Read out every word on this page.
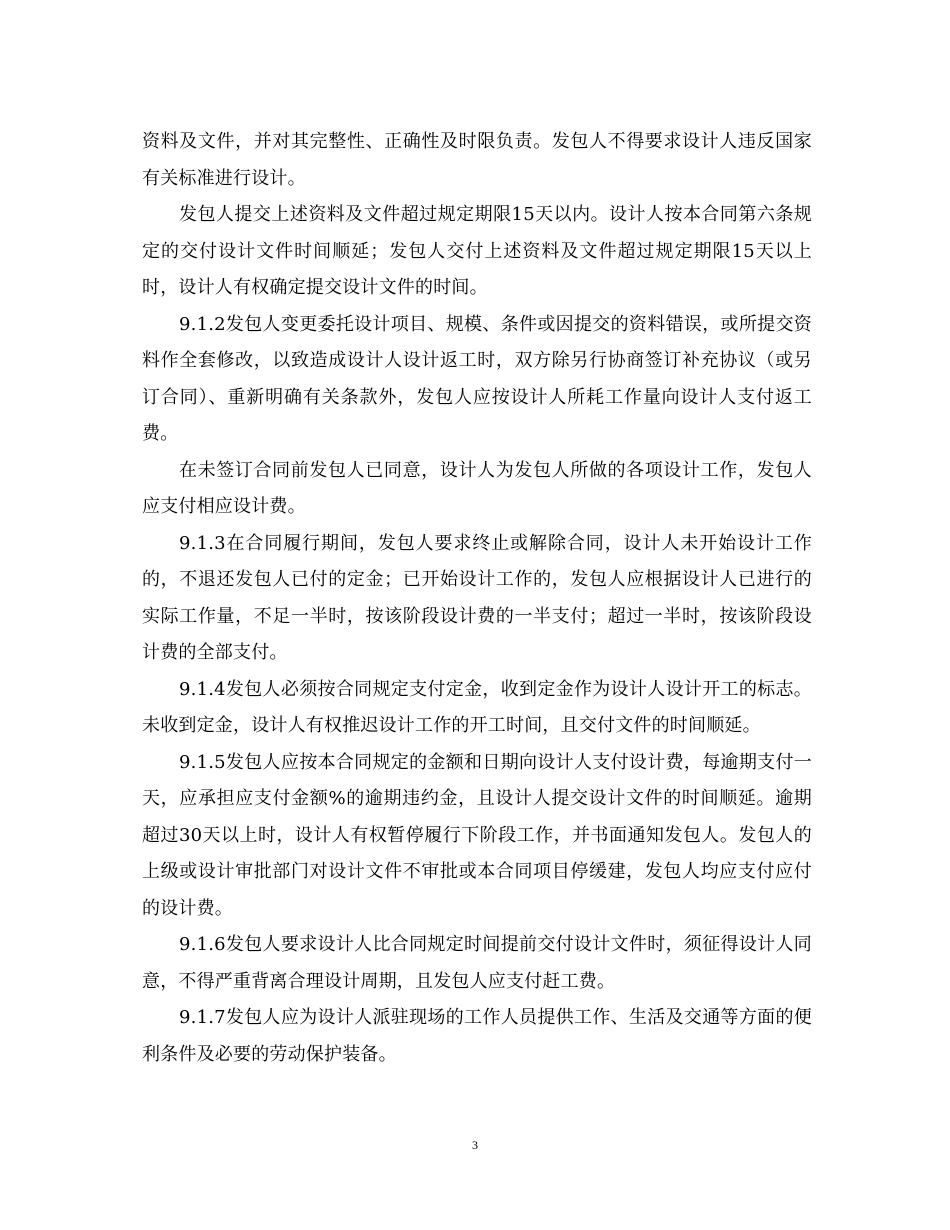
资料及文件，并对其完整性、正确性及时限负责。发包人不得要求设计人违反国家有关标准进行设计。

发包人提交上述资料及文件超过规定期限15天以内。设计人按本合同第六条规定的交付设计文件时间顺延；发包人交付上述资料及文件超过规定期限15天以上时，设计人有权确定提交设计文件的时间。

9.1.2发包人变更委托设计项目、规模、条件或因提交的资料错误，或所提交资料作全套修改，以致造成设计人设计返工时，双方除另行协商签订补充协议（或另订合同）、重新明确有关条款外，发包人应按设计人所耗工作量向设计人支付返工费。

在未签订合同前发包人已同意，设计人为发包人所做的各项设计工作，发包人应支付相应设计费。

9.1.3在合同履行期间，发包人要求终止或解除合同，设计人未开始设计工作的，不退还发包人已付的定金；已开始设计工作的，发包人应根据设计人已进行的实际工作量，不足一半时，按该阶段设计费的一半支付；超过一半时，按该阶段设计费的全部支付。

9.1.4发包人必须按合同规定支付定金，收到定金作为设计人设计开工的标志。未收到定金，设计人有权推迟设计工作的开工时间，且交付文件的时间顺延。

9.1.5发包人应按本合同规定的金额和日期向设计人支付设计费，每逾期支付一天，应承担应支付金额%的逾期违约金，且设计人提交设计文件的时间顺延。逾期超过30天以上时，设计人有权暂停履行下阶段工作，并书面通知发包人。发包人的上级或设计审批部门对设计文件不审批或本合同项目停缓建，发包人均应支付应付的设计费。

9.1.6发包人要求设计人比合同规定时间提前交付设计文件时，须征得设计人同意，不得严重背离合理设计周期，且发包人应支付赶工费。

9.1.7发包人应为设计人派驻现场的工作人员提供工作、生活及交通等方面的便利条件及必要的劳动保护装备。

3
